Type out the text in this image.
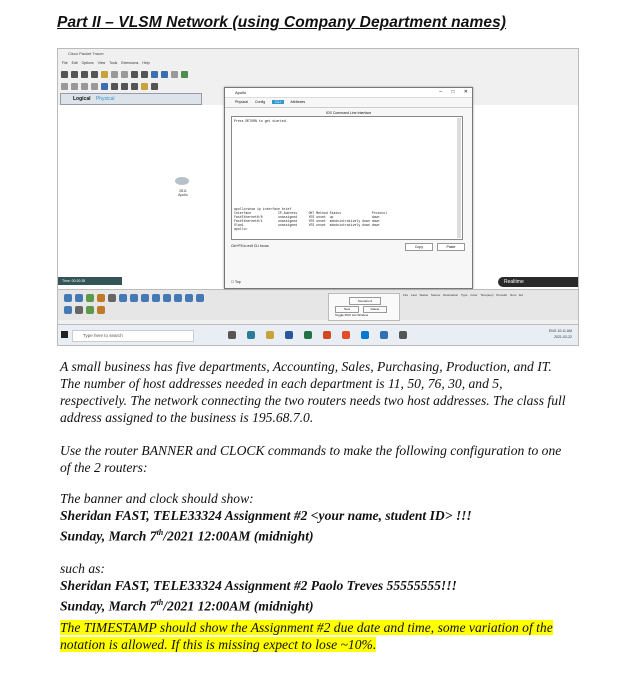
Part II – VLSM Network (using Company Department names)
Cisco Packet Tracer
File Edit Options View Tools Extensions Help
Logical Physical
2811
Apollo
Time: 00:20:35	Realtime
Scenario 0
New	Delete
Toggle PDU List Window
Fire Last Status Source Destination Type Color Time(sec) Periodic Num Ed
Type here to search
ENG 10:11 AM
2021-02-22
Apollo	– □ ✕
Physical Config	CLI	Attributes
IOS Command Line Interface
Press RETURN to get started.

apollo>show ip interface brief
Interface              IP-Address      OK? Method Status                Protocol
FastEthernet0/0        unassigned      YES unset  up                    down
FastEthernet0/1        unassigned      YES unset  administratively down down
Vlan1                  unassigned      YES unset  administratively down down
apollo>
Ctrl+F6 to exit CLI focus	Copy	Paste
☐ Top
A small business has five departments, Accounting, Sales, Purchasing, Production, and IT. The number of host addresses needed in each department is 11, 50, 76, 30, and 5, respectively. The network connecting the two routers needs two host addresses. The class full address assigned to the business is 195.68.7.0.
Use the router BANNER and CLOCK commands to make the following configuration to one of the 2 routers:
The banner and clock should show:
Sheridan FAST, TELE33324 Assignment #2 <your name, student ID> !!!
Sunday, March 7th/2021 12:00AM (midnight)
such as:
Sheridan FAST, TELE33324 Assignment #2 Paolo Treves 55555555!!!
Sunday, March 7th/2021 12:00AM (midnight)
The TIMESTAMP should show the Assignment #2 due date and time, some variation of the notation is allowed. If this is missing expect to lose ~10%.
